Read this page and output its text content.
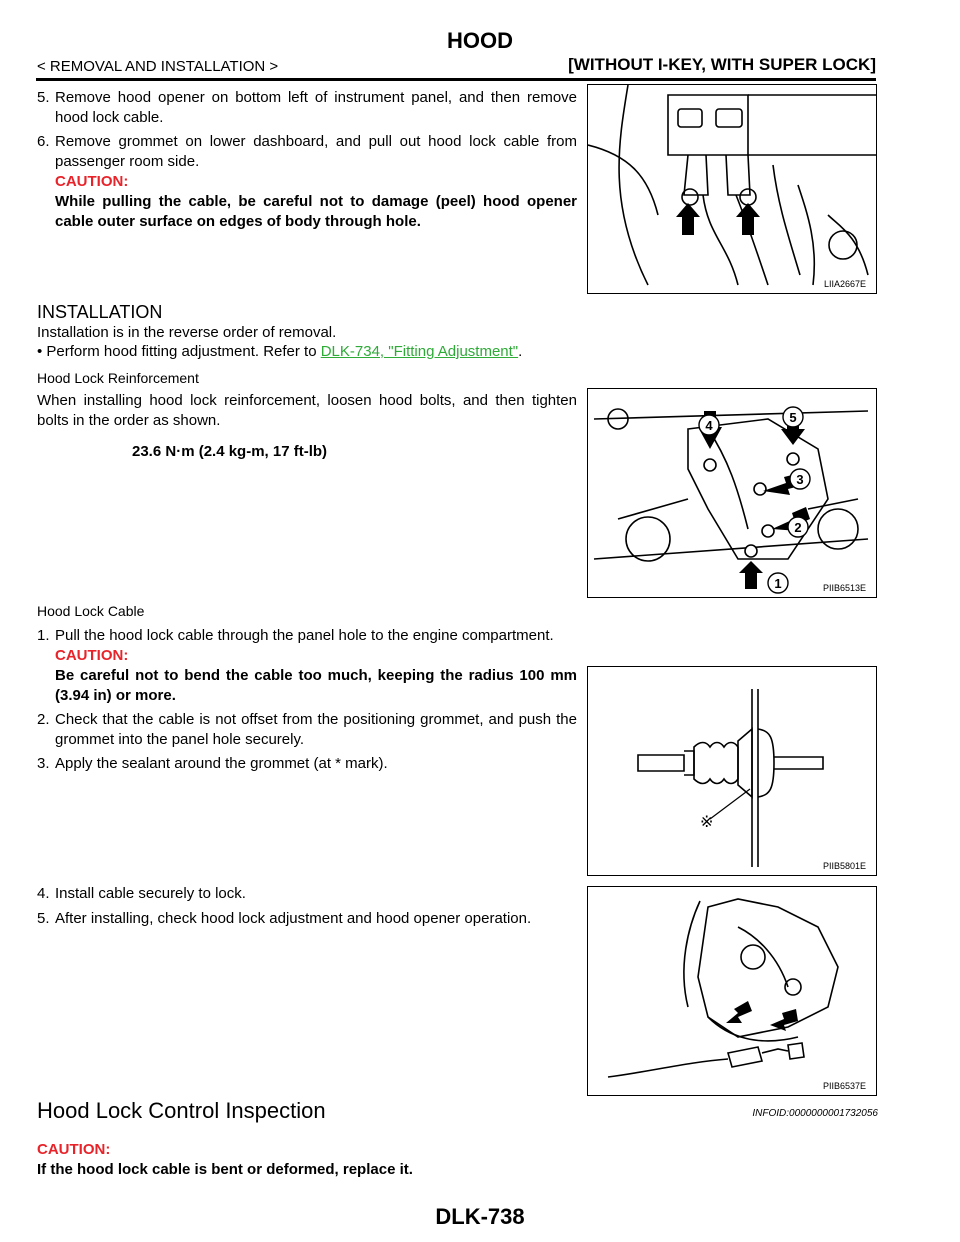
HOOD
< REMOVAL AND INSTALLATION >	[WITHOUT I-KEY, WITH SUPER LOCK]
5. Remove hood opener on bottom left of instrument panel, and then remove hood lock cable.
6. Remove grommet on lower dashboard, and pull out hood lock cable from passenger room side.
CAUTION:
While pulling the cable, be careful not to damage (peel) hood opener cable outer surface on edges of body through hole.
LIIA2667E
INSTALLATION
Installation is in the reverse order of removal.
• Perform hood fitting adjustment. Refer to DLK-734, "Fitting Adjustment".
Hood Lock Reinforcement
When installing hood lock reinforcement, loosen hood bolts, and then tighten bolts in the order as shown.	4
5
3
2
1	PIIB6513E
23.6 N·m (2.4 kg-m, 17 ft-lb)
Hood Lock Cable
1. Pull the hood lock cable through the panel hole to the engine compartment.
CAUTION:
Be careful not to bend the cable too much, keeping the radius 100 mm (3.94 in) or more.
2. Check that the cable is not offset from the positioning grommet, and push the grommet into the panel hole securely.
3. Apply the sealant around the grommet (at * mark).
※
PIIB5801E
4. Install cable securely to lock.
5. After installing, check hood lock adjustment and hood opener operation.
PIIB6537E
Hood Lock Control Inspection	INFOID:0000000001732056
CAUTION:
If the hood lock cable is bent or deformed, replace it.
DLK-738
